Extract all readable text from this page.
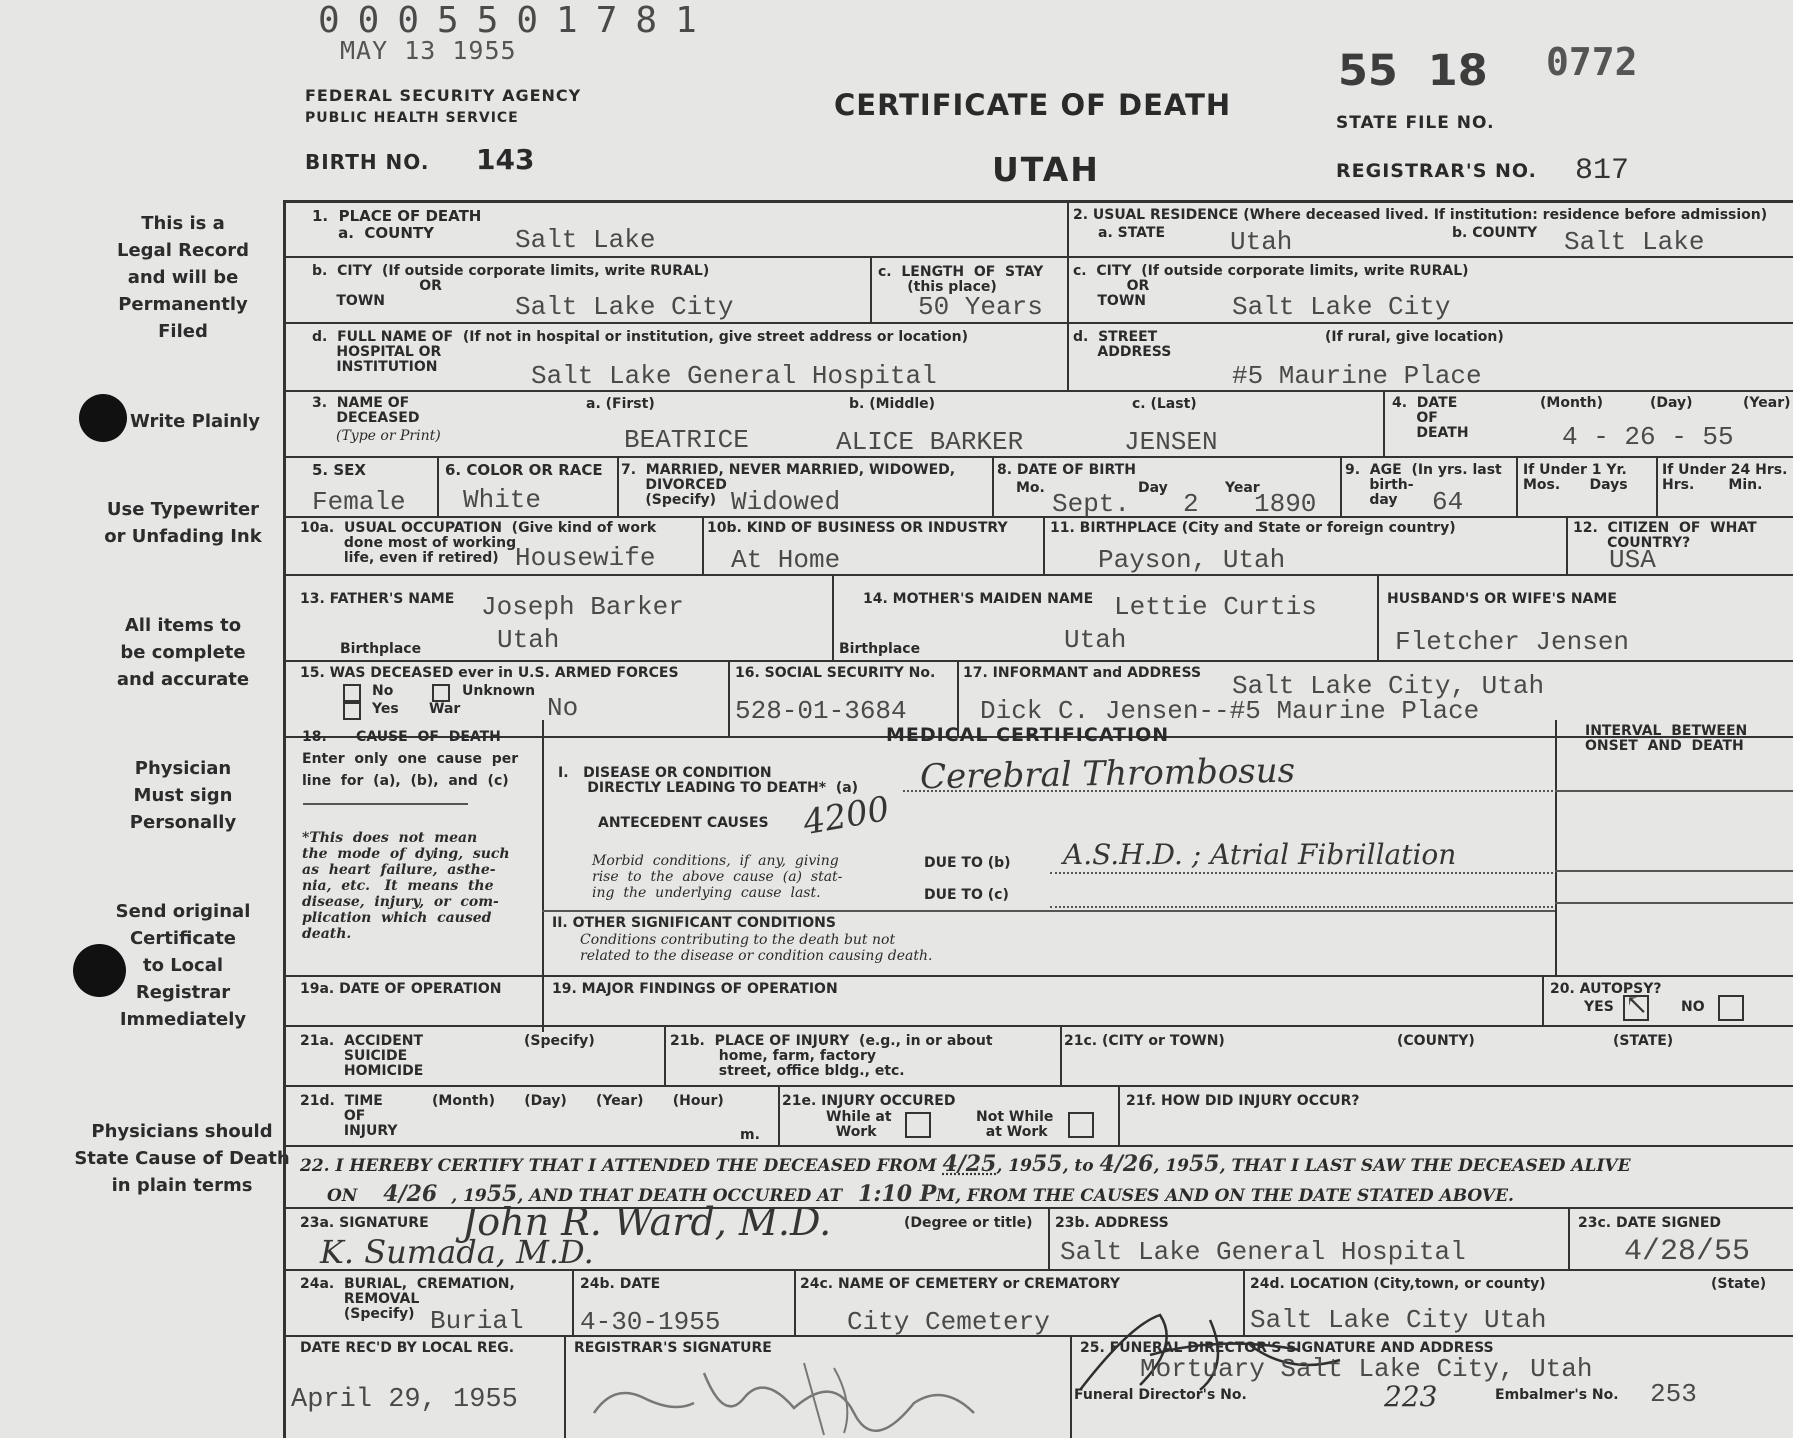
0005501781
MAY 13 1955
FEDERAL SECURITY AGENCY
PUBLIC HEALTH SERVICE	CERTIFICATE OF DEATH
UTAH
BIRTH NO. 143
55  18 0772
STATE FILE NO.
REGISTRAR'S NO. 817
This is a
Legal Record
and will be
Permanently
Filed
Write Plainly
Use Typewriter
or Unfading Ink
All items to
be complete
and accurate
Physician
Must sign
Personally
Send original
Certificate
to Local
Registrar
Immediately
Physicians should
State Cause of Death
in plain terms
1.  PLACE OF DEATH
a.  COUNTY	Salt Lake
2. USUAL RESIDENCE (Where deceased lived. If institution: residence before admission)
a. STATE Utah	b. COUNTY Salt Lake
b.  CITY  (If outside corporate limits, write RURAL)
OR
TOWN	Salt Lake City
c.  LENGTH  OF  STAY
(this place)
50 Years
c.  CITY  (If outside corporate limits, write RURAL)
OR
TOWN	Salt Lake City
d.  FULL NAME OF  (If not in hospital or institution, give street address or location)
HOSPITAL OR
INSTITUTION	Salt Lake General Hospital
d.  STREET
ADDRESS
(If rural, give location)
#5 Maurine Place
3.  NAME OF
DECEASED
(Type or Print)
a. (First)	b. (Middle)	c. (Last)
BEATRICE	ALICE BARKER	JENSEN
4.  DATE
OF
DEATH
(Month)	(Day)	(Year)
4 - 26 - 55
5. SEX
Female
6. COLOR OR RACE
White
7.  MARRIED, NEVER MARRIED, WIDOWED,
DIVORCED
(Specify) Widowed
8. DATE OF BIRTH
Mo.	Day	Year
Sept. 2 1890
9.  AGE  (In yrs. last
birth-
day	64
If Under 1 Yr.
Mos.      Days
If Under 24 Hrs.
Hrs.       Min.
10a.  USUAL OCCUPATION  (Give kind of work
done most of working
life, even if retired) Housewife
10b. KIND OF BUSINESS OR INDUSTRY
At Home
11. BIRTHPLACE (City and State or foreign country)
Payson, Utah
12.  CITIZEN  OF  WHAT
COUNTRY?
USA
13. FATHER'S NAME Joseph Barker
Birthplace	Utah
14. MOTHER'S MAIDEN NAME Lettie Curtis
Birthplace	Utah
HUSBAND'S OR WIFE'S NAME
Fletcher Jensen
15. WAS DECEASED ever in U.S. ARMED FORCES
No	Unknown
Yes War	No
16. SOCIAL SECURITY No.
528-01-3684
17. INFORMANT and ADDRESS Salt Lake City, Utah
Dick C. Jensen--#5 Maurine Place
18.      CAUSE  OF  DEATH
Enter  only  one  cause  per
line  for  (a),  (b),  and  (c)
*This  does  not  mean
the  mode  of  dying,  such
as  heart  failure,  asthe-
nia,  etc.   It  means  the
disease,  injury,  or  com-
plication  which  caused
death.
MEDICAL CERTIFICATION	INTERVAL  BETWEEN
ONSET  AND  DEATH
I.   DISEASE OR CONDITION
DIRECTLY LEADING TO DEATH*  (a) Cerebral Thrombosus
ANTECEDENT CAUSES 4200
Morbid  conditions,  if  any,  giving
rise  to  the  above  cause  (a)  stat-
ing  the  underlying  cause  last.
DUE TO (b) A.S.H.D. ; Atrial Fibrillation
DUE TO (c)
II. OTHER SIGNIFICANT CONDITIONS
Conditions contributing to the death but not
related to the disease or condition causing death.
19a. DATE OF OPERATION	19. MAJOR FINDINGS OF OPERATION	20. AUTOPSY?
YES ↖ NO
21a.  ACCIDENT
SUICIDE
HOMICIDE
(Specify)	21b.  PLACE OF INJURY  (e.g., in or about
home, farm, factory
street, office bldg., etc.
21c. (CITY or TOWN)	(COUNTY)	(STATE)
21d.  TIME
OF
INJURY
(Month)      (Day)      (Year)      (Hour)
m.
21e. INJURY OCCURED
While at
Work
Not While
at Work
21f. HOW DID INJURY OCCUR?
22. I HEREBY CERTIFY THAT I ATTENDED THE DECEASED FROM 4/25, 1955, to 4/26, 1955, THAT I LAST SAW THE DECEASED ALIVE
ON 4/26 , 1955, AND THAT DEATH OCCURED AT 1:10 PM, FROM THE CAUSES AND ON THE DATE STATED ABOVE.
23a. SIGNATURE John R. Ward, M.D.	(Degree or title)
K. Sumada, M.D.
23b. ADDRESS
Salt Lake General Hospital
23c. DATE SIGNED
4/28/55
24a.  BURIAL,  CREMATION,
REMOVAL
(Specify) Burial
24b. DATE
4-30-1955
24c. NAME OF CEMETERY or CREMATORY
City Cemetery
24d. LOCATION (City,town, or county)	(State)
Salt Lake City Utah
DATE REC'D BY LOCAL REG.
April 29, 1955
REGISTRAR'S SIGNATURE	25. FUNERAL DIRECTOR'S SIGNATURE AND ADDRESS
Mortuary Salt Lake City, Utah
Funeral Director's No.	223	Embalmer's No. 253
